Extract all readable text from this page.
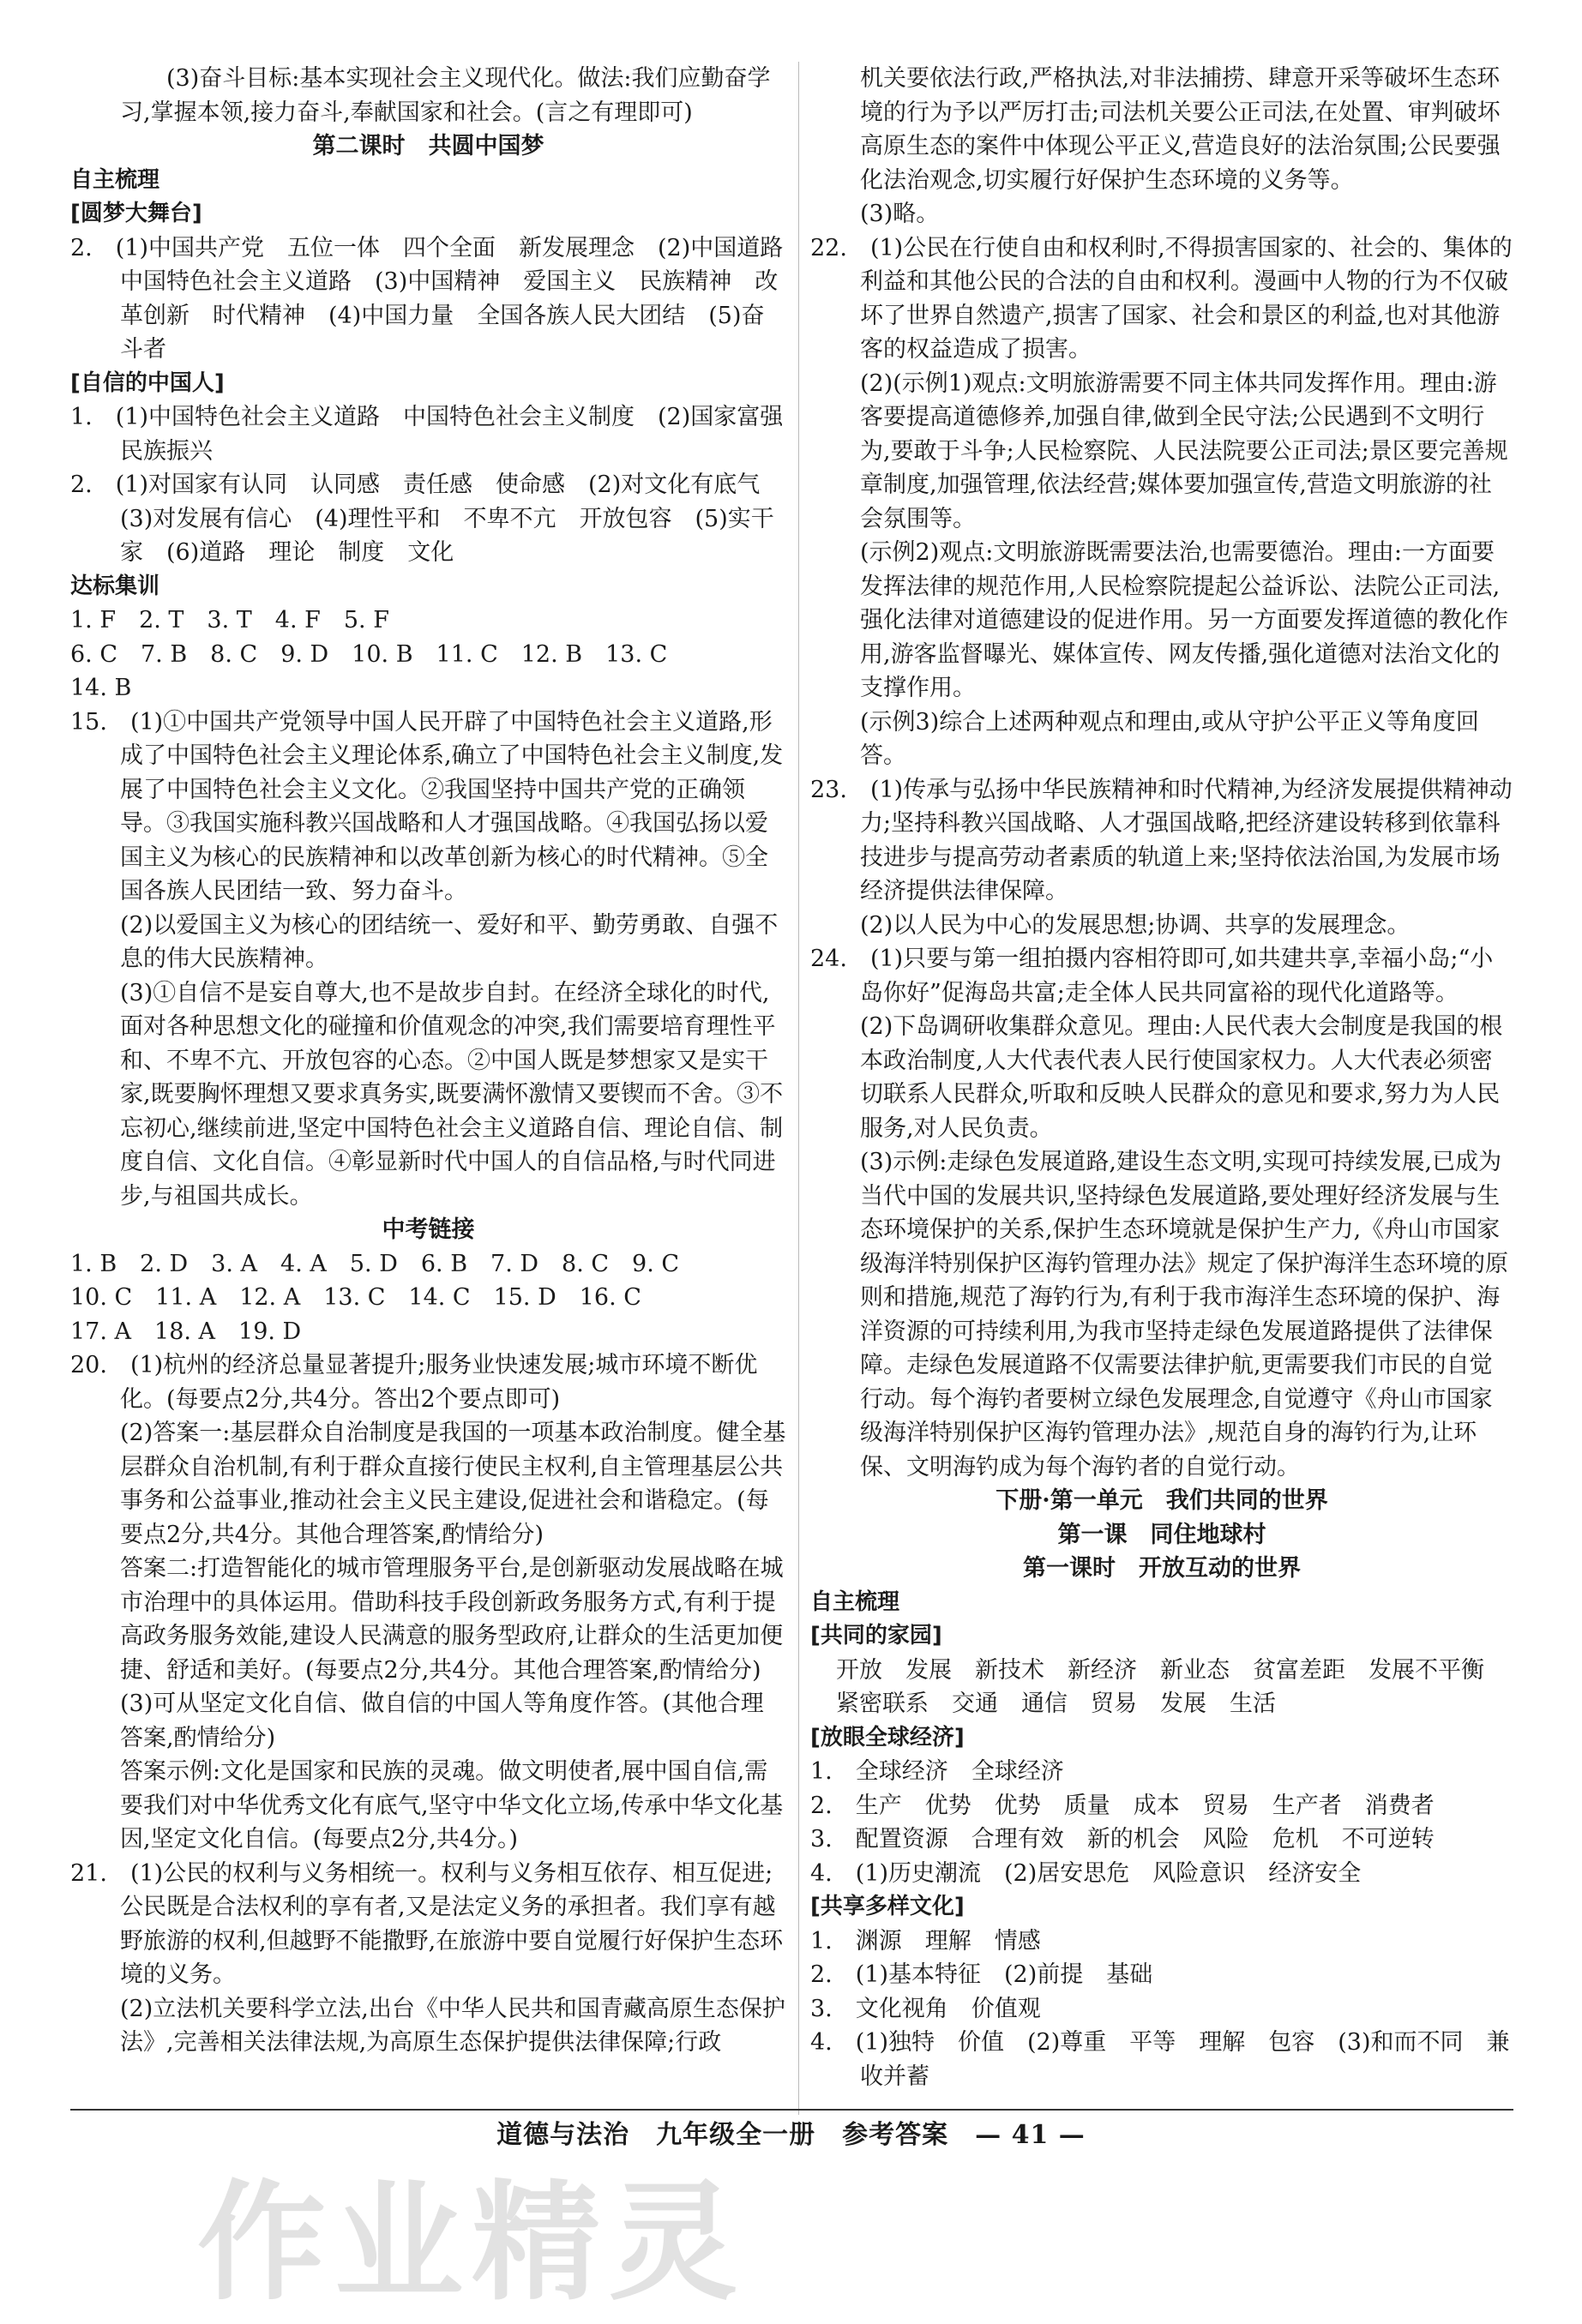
(3)奋斗目标:基本实现社会主义现代化。做法:我们应勤奋学习,掌握本领,接力奋斗,奉献国家和社会。(言之有理即可)
第二课时　共圆中国梦
自主梳理
[圆梦大舞台]
2.　(1)中国共产党　五位一体　四个全面　新发展理念　(2)中国道路　中国特色社会主义道路　(3)中国精神　爱国主义　民族精神　改革创新　时代精神　(4)中国力量　全国各族人民大团结　(5)奋斗者
[自信的中国人]
1.　(1)中国特色社会主义道路　中国特色社会主义制度　(2)国家富强　民族振兴
2.　(1)对国家有认同　认同感　责任感　使命感　(2)对文化有底气　(3)对发展有信心　(4)理性平和　不卑不亢　开放包容　(5)实干家　(6)道路　理论　制度　文化
达标集训
1. F　2. T　3. T　4. F　5. F
6. C　7. B　8. C　9. D　10. B　11. C　12. B　13. C
14. B
15.　(1)①中国共产党领导中国人民开辟了中国特色社会主义道路,形成了中国特色社会主义理论体系,确立了中国特色社会主义制度,发展了中国特色社会主义文化。②我国坚持中国共产党的正确领导。③我国实施科教兴国战略和人才强国战略。④我国弘扬以爱国主义为核心的民族精神和以改革创新为核心的时代精神。⑤全国各族人民团结一致、努力奋斗。
(2)以爱国主义为核心的团结统一、爱好和平、勤劳勇敢、自强不息的伟大民族精神。
(3)①自信不是妄自尊大,也不是故步自封。在经济全球化的时代,面对各种思想文化的碰撞和价值观念的冲突,我们需要培育理性平和、不卑不亢、开放包容的心态。②中国人既是梦想家又是实干家,既要胸怀理想又要求真务实,既要满怀激情又要锲而不舍。③不忘初心,继续前进,坚定中国特色社会主义道路自信、理论自信、制度自信、文化自信。④彰显新时代中国人的自信品格,与时代同进步,与祖国共成长。
中考链接
1. B　2. D　3. A　4. A　5. D　6. B　7. D　8. C　9. C
10. C　11. A　12. A　13. C　14. C　15. D　16. C
17. A　18. A　19. D
20.　(1)杭州的经济总量显著提升;服务业快速发展;城市环境不断优化。(每要点2分,共4分。答出2个要点即可)
(2)答案一:基层群众自治制度是我国的一项基本政治制度。健全基层群众自治机制,有利于群众直接行使民主权利,自主管理基层公共事务和公益事业,推动社会主义民主建设,促进社会和谐稳定。(每要点2分,共4分。其他合理答案,酌情给分)
答案二:打造智能化的城市管理服务平台,是创新驱动发展战略在城市治理中的具体运用。借助科技手段创新政务服务方式,有利于提高政务服务效能,建设人民满意的服务型政府,让群众的生活更加便捷、舒适和美好。(每要点2分,共4分。其他合理答案,酌情给分)
(3)可从坚定文化自信、做自信的中国人等角度作答。(其他合理答案,酌情给分)
答案示例:文化是国家和民族的灵魂。做文明使者,展中国自信,需要我们对中华优秀文化有底气,坚守中华文化立场,传承中华文化基因,坚定文化自信。(每要点2分,共4分。)
21.　(1)公民的权利与义务相统一。权利与义务相互依存、相互促进;公民既是合法权利的享有者,又是法定义务的承担者。我们享有越野旅游的权利,但越野不能撒野,在旅游中要自觉履行好保护生态环境的义务。
(2)立法机关要科学立法,出台《中华人民共和国青藏高原生态保护法》,完善相关法律法规,为高原生态保护提供法律保障;行政
机关要依法行政,严格执法,对非法捕捞、肆意开采等破坏生态环境的行为予以严厉打击;司法机关要公正司法,在处置、审判破坏高原生态的案件中体现公平正义,营造良好的法治氛围;公民要强化法治观念,切实履行好保护生态环境的义务等。
(3)略。
22.　(1)公民在行使自由和权利时,不得损害国家的、社会的、集体的利益和其他公民的合法的自由和权利。漫画中人物的行为不仅破坏了世界自然遗产,损害了国家、社会和景区的利益,也对其他游客的权益造成了损害。
(2)(示例1)观点:文明旅游需要不同主体共同发挥作用。理由:游客要提高道德修养,加强自律,做到全民守法;公民遇到不文明行为,要敢于斗争;人民检察院、人民法院要公正司法;景区要完善规章制度,加强管理,依法经营;媒体要加强宣传,营造文明旅游的社会氛围等。
(示例2)观点:文明旅游既需要法治,也需要德治。理由:一方面要发挥法律的规范作用,人民检察院提起公益诉讼、法院公正司法,强化法律对道德建设的促进作用。另一方面要发挥道德的教化作用,游客监督曝光、媒体宣传、网友传播,强化道德对法治文化的支撑作用。
(示例3)综合上述两种观点和理由,或从守护公平正义等角度回答。
23.　(1)传承与弘扬中华民族精神和时代精神,为经济发展提供精神动力;坚持科教兴国战略、人才强国战略,把经济建设转移到依靠科技进步与提高劳动者素质的轨道上来;坚持依法治国,为发展市场经济提供法律保障。
(2)以人民为中心的发展思想;协调、共享的发展理念。
24.　(1)只要与第一组拍摄内容相符即可,如共建共享,幸福小岛;“小岛你好”促海岛共富;走全体人民共同富裕的现代化道路等。
(2)下岛调研收集群众意见。理由:人民代表大会制度是我国的根本政治制度,人大代表代表人民行使国家权力。人大代表必须密切联系人民群众,听取和反映人民群众的意见和要求,努力为人民服务,对人民负责。
(3)示例:走绿色发展道路,建设生态文明,实现可持续发展,已成为当代中国的发展共识,坚持绿色发展道路,要处理好经济发展与生态环境保护的关系,保护生态环境就是保护生产力,《舟山市国家级海洋特别保护区海钓管理办法》规定了保护海洋生态环境的原则和措施,规范了海钓行为,有利于我市海洋生态环境的保护、海洋资源的可持续利用,为我市坚持走绿色发展道路提供了法律保障。走绿色发展道路不仅需要法律护航,更需要我们市民的自觉行动。每个海钓者要树立绿色发展理念,自觉遵守《舟山市国家级海洋特别保护区海钓管理办法》,规范自身的海钓行为,让环保、文明海钓成为每个海钓者的自觉行动。
下册·第一单元　我们共同的世界
第一课　同住地球村
第一课时　开放互动的世界
自主梳理
[共同的家园]
开放　发展　新技术　新经济　新业态　贫富差距　发展不平衡　紧密联系　交通　通信　贸易　发展　生活
[放眼全球经济]
1.　全球经济　全球经济
2.　生产　优势　优势　质量　成本　贸易　生产者　消费者
3.　配置资源　合理有效　新的机会　风险　危机　不可逆转
4.　(1)历史潮流　(2)居安思危　风险意识　经济安全
[共享多样文化]
1.　渊源　理解　情感
2.　(1)基本特征　(2)前提　基础
3.　文化视角　价值观
4.　(1)独特　价值　(2)尊重　平等　理解　包容　(3)和而不同　兼收并蓄
道德与法治　九年级全一册　参考答案　— 41 —
作业精灵
